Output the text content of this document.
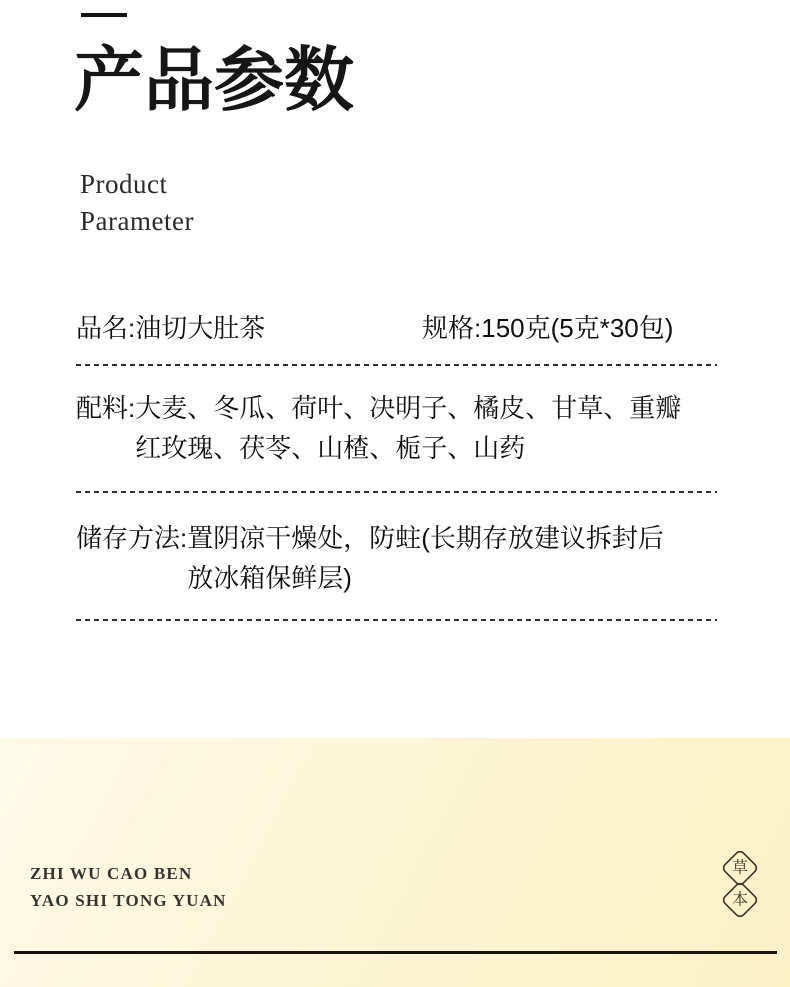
产品参数
Product
Parameter
品名: 油切大肚茶	规格: 150克(5克*30包)
配料: 大麦、冬瓜、荷叶、决明子、橘皮、甘草、重瓣红玫瑰、茯苓、山楂、栀子、山药
储存方法: 置阴凉干燥处，防蛀(长期存放建议拆封后放冰箱保鲜层)
ZHI WU CAO BEN
YAO SHI TONG YUAN
草
本
